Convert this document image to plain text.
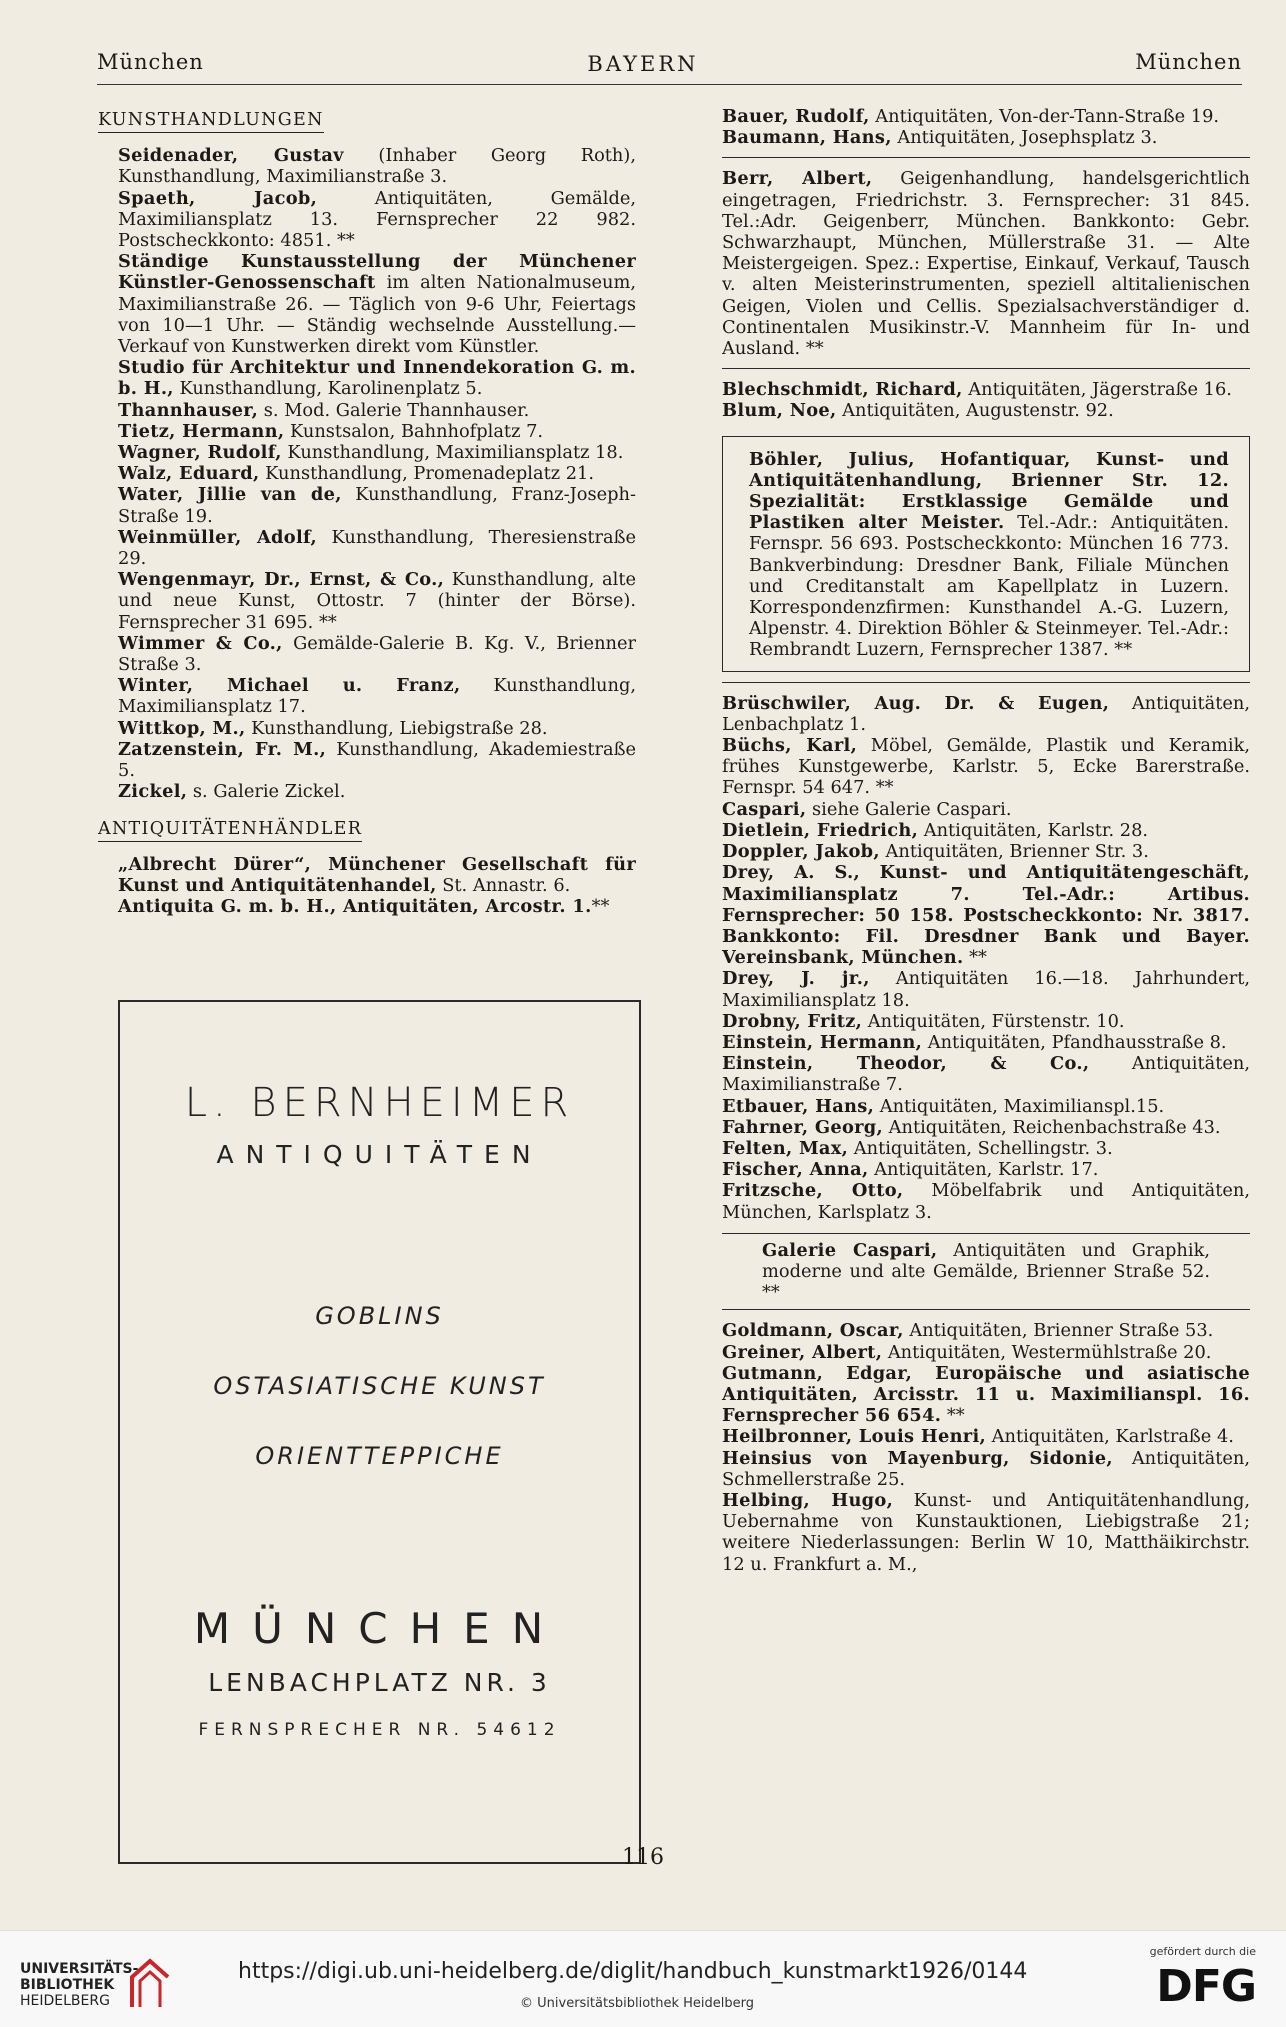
München	BAYERN	München
KUNSTHANDLUNGEN
Seidenader, Gustav (Inhaber Georg Roth), Kunsthandlung, Maximilianstraße 3.
Spaeth, Jacob, Antiquitäten, Gemälde, Maximiliansplatz 13. Fernsprecher 22 982. Postscheckkonto: 4851. **
Ständige Kunstausstellung der Münchener Künstler-Genossenschaft im alten Nationalmuseum, Maximilianstraße 26. — Täglich von 9-6 Uhr, Feiertags von 10—1 Uhr. — Ständig wechselnde Ausstellung.—Verkauf von Kunstwerken direkt vom Künstler.
Studio für Architektur und Innendekoration G. m. b. H., Kunsthandlung, Karolinenplatz 5.
Thannhauser, s. Mod. Galerie Thannhauser.
Tietz, Hermann, Kunstsalon, Bahnhofplatz 7.
Wagner, Rudolf, Kunsthandlung, Maximiliansplatz 18.
Walz, Eduard, Kunsthandlung, Promenadeplatz 21.
Water, Jillie van de, Kunsthandlung, Franz-Joseph-Straße 19.
Weinmüller, Adolf, Kunsthandlung, Theresienstraße 29.
Wengenmayr, Dr., Ernst, & Co., Kunsthandlung, alte und neue Kunst, Ottostr. 7 (hinter der Börse). Fernsprecher 31 695. **
Wimmer & Co., Gemälde-Galerie B. Kg. V., Brienner Straße 3.
Winter, Michael u. Franz, Kunsthandlung, Maximiliansplatz 17.
Wittkop, M., Kunsthandlung, Liebigstraße 28.
Zatzenstein, Fr. M., Kunsthandlung, Akademiestraße 5.
Zickel, s. Galerie Zickel.
ANTIQUITÄTENHÄNDLER
„Albrecht Dürer“, Münchener Gesellschaft für Kunst und Antiquitätenhandel, St. Annastr. 6.
Antiquita G. m. b. H., Antiquitäten, Arcostr. 1.**
L. BERNHEIMER
ANTIQUITÄTEN
GOBLINS
OSTASIATISCHE KUNST
ORIENTTEPPICHE
MÜNCHEN
LENBACHPLATZ NR. 3
FERNSPRECHER NR. 54612
Bauer, Rudolf, Antiquitäten, Von-der-Tann-Straße 19.
Baumann, Hans, Antiquitäten, Josephsplatz 3.
Berr, Albert, Geigenhandlung, handelsgerichtlich eingetragen, Friedrichstr. 3. Fernsprecher: 31 845. Tel.:Adr. Geigenberr, München. Bankkonto: Gebr. Schwarzhaupt, München, Müllerstraße 31. — Alte Meistergeigen. Spez.: Expertise, Einkauf, Verkauf, Tausch v. alten Meisterinstrumenten, speziell altitalienischen Geigen, Violen und Cellis. Spezialsachverständiger d. Continentalen Musikinstr.-V. Mannheim für In- und Ausland. **
Blechschmidt, Richard, Antiquitäten, Jägerstraße 16.
Blum, Noe, Antiquitäten, Augustenstr. 92.
Böhler, Julius, Hofantiquar, Kunst- und Antiquitätenhandlung, Brienner Str. 12. Spezialität: Erstklassige Gemälde und Plastiken alter Meister. Tel.-Adr.: Antiquitäten. Fernspr. 56 693. Postscheckkonto: München 16 773. Bankverbindung: Dresdner Bank, Filiale München und Creditanstalt am Kapellplatz in Luzern. Korrespondenzfirmen: Kunsthandel A.-G. Luzern, Alpenstr. 4. Direktion Böhler & Steinmeyer. Tel.-Adr.: Rembrandt Luzern, Fernsprecher 1387. **
Brüschwiler, Aug. Dr. & Eugen, Antiquitäten, Lenbachplatz 1.
Büchs, Karl, Möbel, Gemälde, Plastik und Keramik, frühes Kunstgewerbe, Karlstr. 5, Ecke Barerstraße. Fernspr. 54 647. **
Caspari, siehe Galerie Caspari.
Dietlein, Friedrich, Antiquitäten, Karlstr. 28.
Doppler, Jakob, Antiquitäten, Brienner Str. 3.
Drey, A. S., Kunst- und Antiquitätengeschäft, Maximiliansplatz 7. Tel.-Adr.: Artibus. Fernsprecher: 50 158. Postscheckkonto: Nr. 3817. Bankkonto: Fil. Dresdner Bank und Bayer. Vereinsbank, München. **
Drey, J. jr., Antiquitäten 16.—18. Jahrhundert, Maximiliansplatz 18.
Drobny, Fritz, Antiquitäten, Fürstenstr. 10.
Einstein, Hermann, Antiquitäten, Pfandhausstraße 8.
Einstein, Theodor, & Co., Antiquitäten, Maximilianstraße 7.
Etbauer, Hans, Antiquitäten, Maximilianspl.15.
Fahrner, Georg, Antiquitäten, Reichenbachstraße 43.
Felten, Max, Antiquitäten, Schellingstr. 3.
Fischer, Anna, Antiquitäten, Karlstr. 17.
Fritzsche, Otto, Möbelfabrik und Antiquitäten, München, Karlsplatz 3.
Galerie Caspari, Antiquitäten und Graphik, moderne und alte Gemälde, Brienner Straße 52. **
Goldmann, Oscar, Antiquitäten, Brienner Straße 53.
Greiner, Albert, Antiquitäten, Westermühlstraße 20.
Gutmann, Edgar, Europäische und asiatische Antiquitäten, Arcisstr. 11 u. Maximilianspl. 16. Fernsprecher 56 654. **
Heilbronner, Louis Henri, Antiquitäten, Karlstraße 4.
Heinsius von Mayenburg, Sidonie, Antiquitäten, Schmellerstraße 25.
Helbing, Hugo, Kunst- und Antiquitätenhandlung, Uebernahme von Kunstauktionen, Liebigstraße 21; weitere Niederlassungen: Berlin W 10, Matthäikirchstr. 12 u. Frankfurt a. M.,
116
UNIVERSITÄTS-
BIBLIOTHEK
HEIDELBERG
https://digi.ub.uni-heidelberg.de/diglit/handbuch_kunstmarkt1926/0144
© Universitätsbibliothek Heidelberg
gefördert durch die
DFG
